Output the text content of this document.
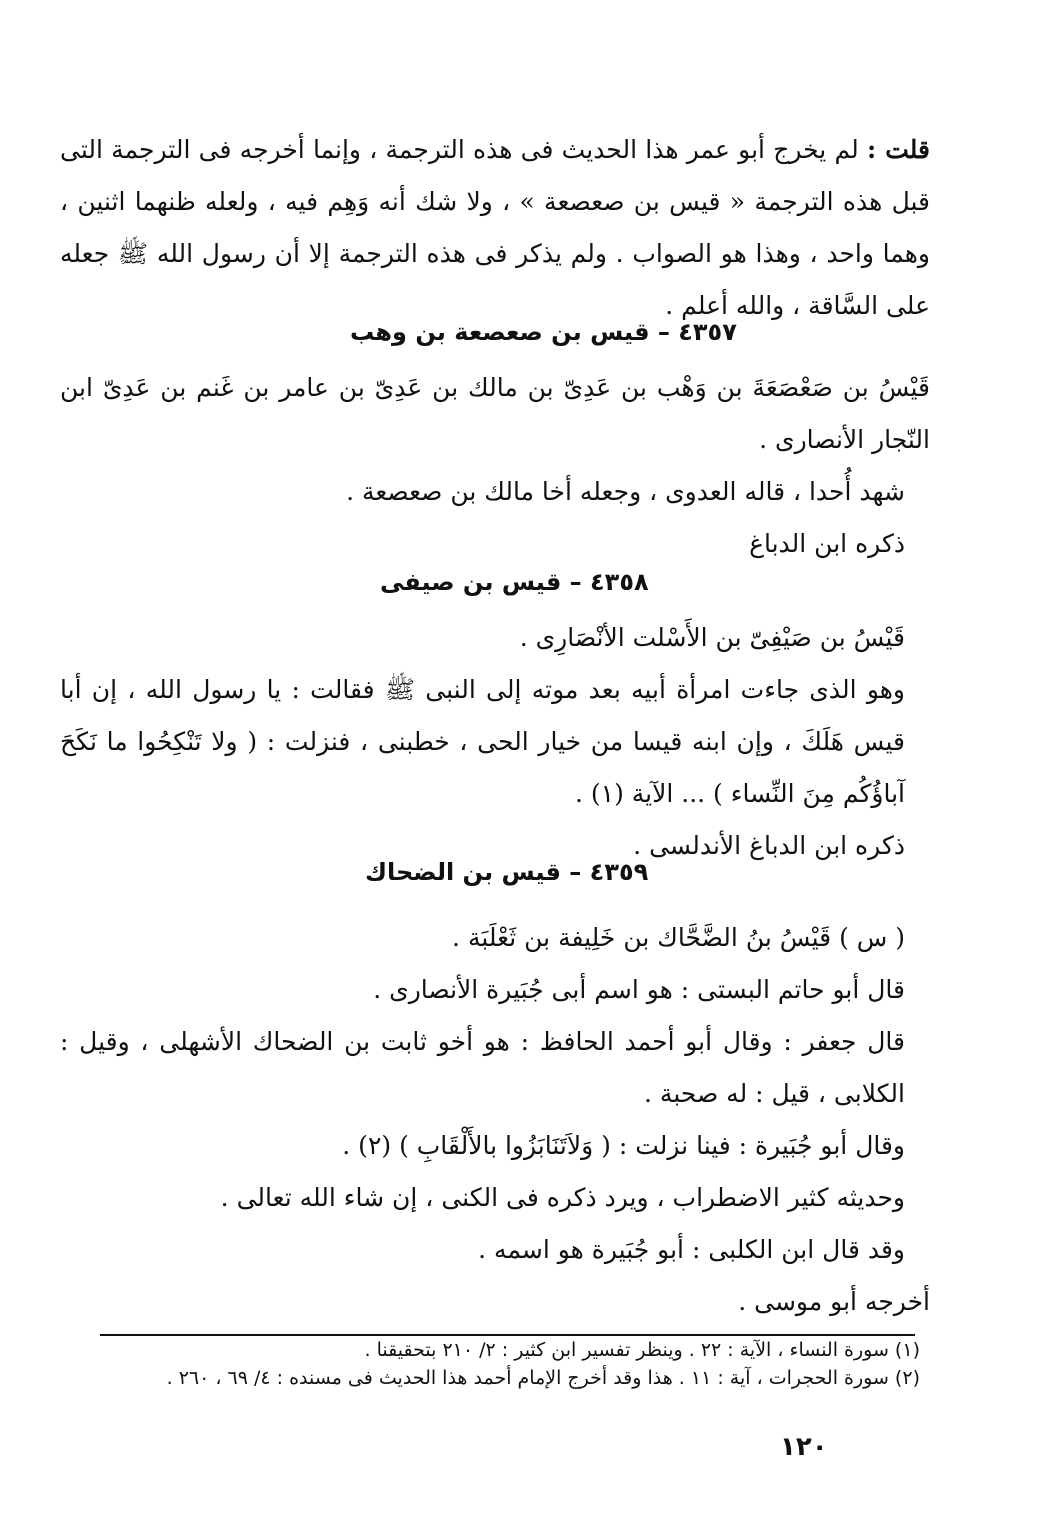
قلت : لم يخرج أبو عمر هذا الحديث فى هذه الترجمة ، وإنما أخرجه فى الترجمة التى قبل هذه الترجمة « قيس بن صعصعة » ، ولا شك أنه وَهِم فيه ، ولعله ظنهما اثنين ، وهما واحد ، وهذا هو الصواب . ولم يذكر فى هذه الترجمة إلا أن رسول الله ﷺ جعله على السَّاقة ، والله أعلم .

٤٣٥٧ – قيس بن صعصعة بن وهب

قَيْسُ بن صَعْصَعَةَ بن وَهْب بن عَدِىّ بن مالك بن عَدِىّ بن عامر بن غَنم بن عَدِىّ ابن النّجار الأنصارى .

شهد أُحدا ، قاله العدوى ، وجعله أخا مالك بن صعصعة .

ذكره ابن الدباغ

٤٣٥٨ – قيس بن صيفى

قَيْسُ بن صَيْفِىّ بن الأَسْلت الأنْصَارِى .

وهو الذى جاءت امرأة أبيه بعد موته إلى النبى ﷺ فقالت : يا رسول الله ، إن أبا قيس هَلَكَ ، وإن ابنه قيسا من خيار الحى ، خطبنى ، فنزلت : ( ولا تَنْكِحُوا ما نَكَحَ آباؤُكُم مِنَ النِّساء ) ... الآية (١) .

ذكره ابن الدباغ الأندلسى .

٤٣٥٩ – قيس بن الضحاك

( س ) قَيْسُ بنُ الضَّحَّاك بن خَلِيفة بن ثَعْلَبَة .

قال أبو حاتم البستى : هو اسم أبى جُبَيرة الأنصارى .

قال جعفر : وقال أبو أحمد الحافظ : هو أخو ثابت بن الضحاك الأشهلى ، وقيل : الكلابى ، قيل : له صحبة .

وقال أبو جُبَيرة : فينا نزلت : ( وَلاَتَنَابَزُوا بالأَلْقَابِ ) (٢) .

وحديثه كثير الاضطراب ، ويرد ذكره فى الكنى ، إن شاء الله تعالى .

وقد قال ابن الكلبى : أبو جُبَيرة هو اسمه .

أخرجه أبو موسى .

(١) سورة النساء ، الآية : ٢٢ . وينظر تفسير ابن كثير : ٢/ ٢١٠ بتحقيقنا .
(٢) سورة الحجرات ، آية : ١١ . هذا وقد أخرج الإمام أحمد هذا الحديث فى مسنده : ٤/ ٦٩ ، ٢٦٠ .
١٢٠
